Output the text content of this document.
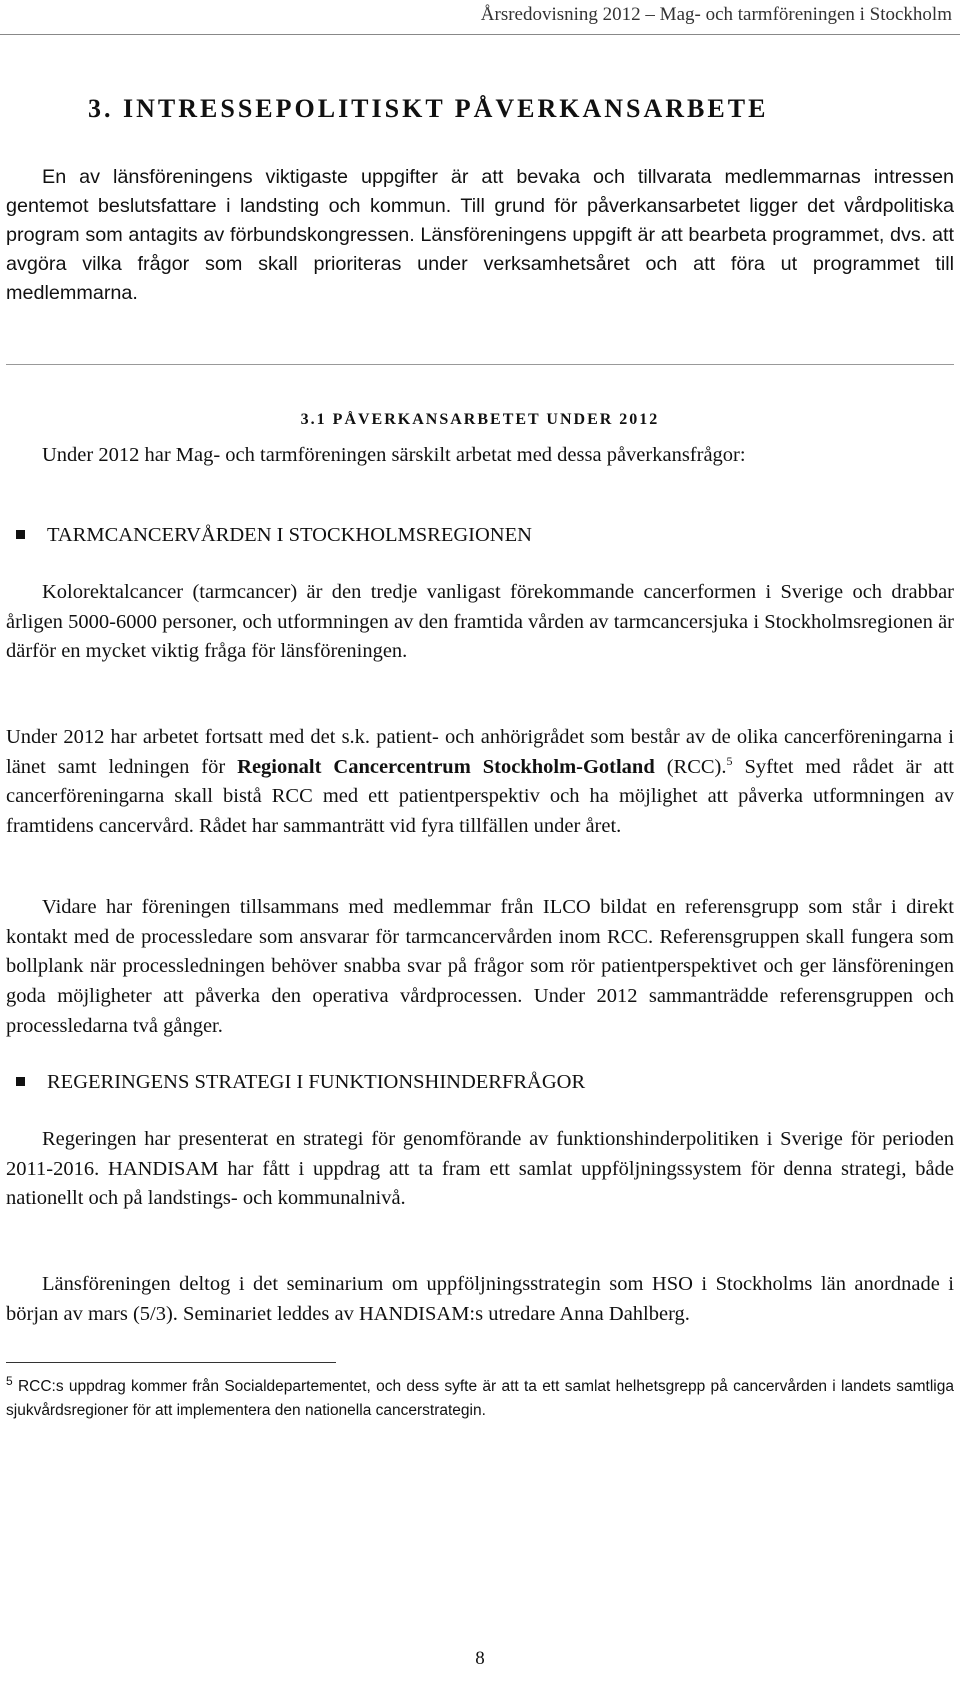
Årsredovisning 2012 – Mag- och tarmföreningen i Stockholm
3. INTRESSEPOLITISKT PÅVERKANSARBETE
En av länsföreningens viktigaste uppgifter är att bevaka och tillvarata medlemmarnas intressen gentemot beslutsfattare i landsting och kommun. Till grund för påverkansarbetet ligger det vårdpolitiska program som antagits av förbundskongressen. Länsföreningens uppgift är att bearbeta programmet, dvs. att avgöra vilka frågor som skall prioriteras under verksamhetsåret och att föra ut programmet till medlemmarna.
3.1 PÅVERKANSARBETET UNDER 2012
Under 2012 har Mag- och tarmföreningen särskilt arbetat med dessa påverkansfrågor:
TARMCANCERVÅRDEN I STOCKHOLMSREGIONEN
Kolorektalcancer (tarmcancer) är den tredje vanligast förekommande cancerformen i Sverige och drabbar årligen 5000-6000 personer, och utformningen av den framtida vården av tarmcancersjuka i Stockholmsregionen är därför en mycket viktig fråga för länsföreningen.
Under 2012 har arbetet fortsatt med det s.k. patient- och anhörigrådet som består av de olika cancerföreningarna i länet samt ledningen för Regionalt Cancercentrum Stockholm-Gotland (RCC).$^5$ Syftet med rådet är att cancerföreningarna skall bistå RCC med ett patientperspektiv och ha möjlighet att påverka utformningen av framtidens cancervård. Rådet har sammanträtt vid fyra tillfällen under året.
Vidare har föreningen tillsammans med medlemmar från ILCO bildat en referensgrupp som står i direkt kontakt med de processledare som ansvarar för tarmcancervården inom RCC. Referensgruppen skall fungera som bollplank när processledningen behöver snabba svar på frågor som rör patientperspektivet och ger länsföreningen goda möjligheter att påverka den operativa vårdprocessen. Under 2012 sammanträdde referensgruppen och processledarna två gånger.
REGERINGENS STRATEGI I FUNKTIONSHINDERFRÅGOR
Regeringen har presenterat en strategi för genomförande av funktionshinderpolitiken i Sverige för perioden 2011-2016. HANDISAM har fått i uppdrag att ta fram ett samlat uppföljningssystem för denna strategi, både nationellt och på landstings- och kommunalnivå.
Länsföreningen deltog i det seminarium om uppföljningsstrategin som HSO i Stockholms län anordnade i början av mars (5/3). Seminariet leddes av HANDISAM:s utredare Anna Dahlberg.
$^5$ RCC:s uppdrag kommer från Socialdepartementet, och dess syfte är att ta ett samlat helhetsgrepp på cancervården i landets samtliga sjukvårdsregioner för att implementera den nationella cancerstrategin.
8
